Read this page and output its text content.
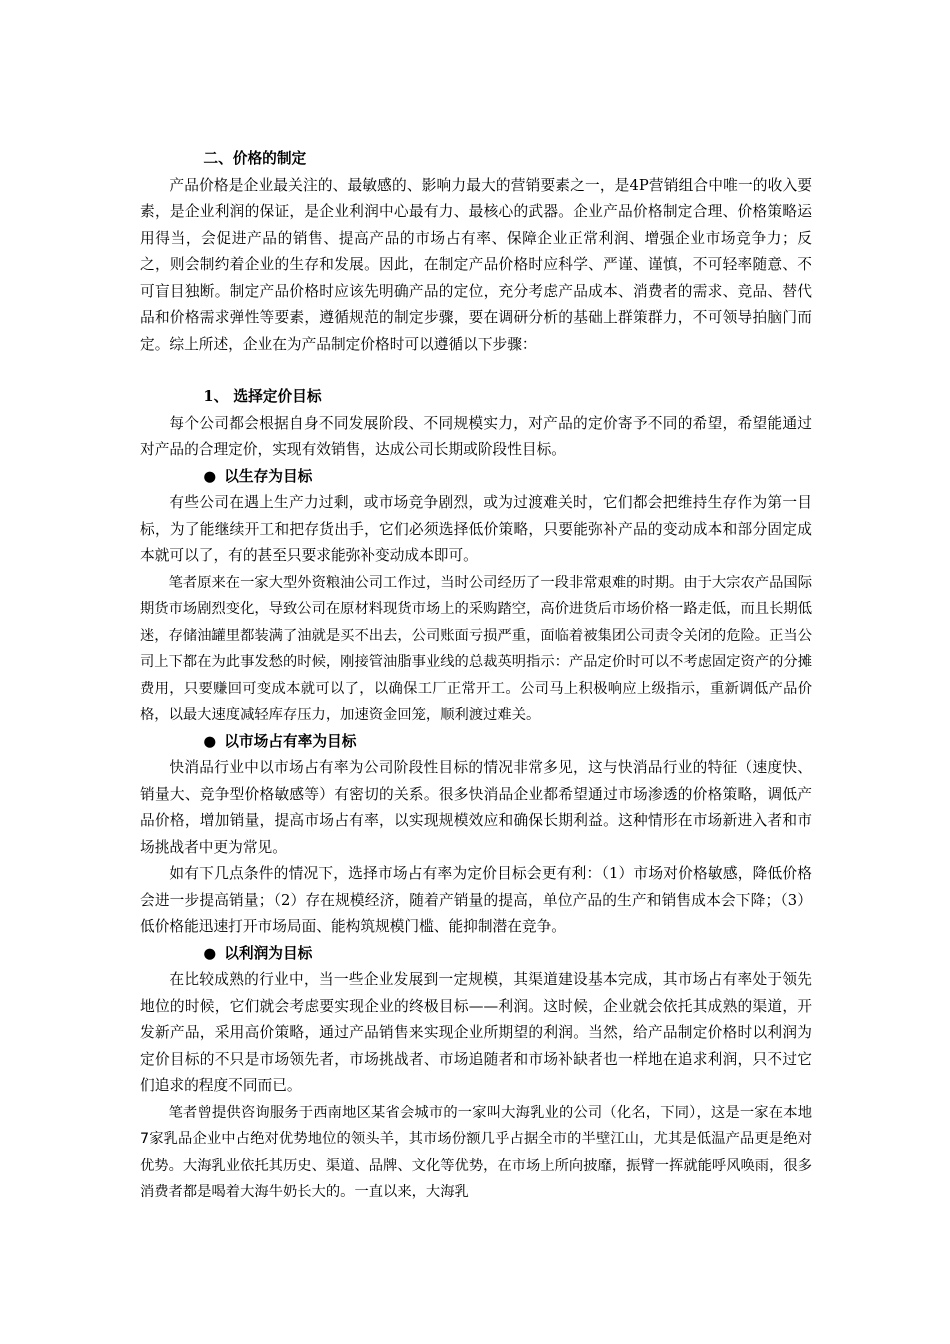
二、价格的制定

产品价格是企业最关注的、最敏感的、影响力最大的营销要素之一，是4P营销组合中唯一的收入要素，是企业利润的保证，是企业利润中心最有力、最核心的武器。企业产品价格制定合理、价格策略运用得当，会促进产品的销售、提高产品的市场占有率、保障企业正常利润、增强企业市场竞争力；反之，则会制约着企业的生存和发展。因此，在制定产品价格时应科学、严谨、谨慎，不可轻率随意、不可盲目独断。制定产品价格时应该先明确产品的定位，充分考虑产品成本、消费者的需求、竞品、替代品和价格需求弹性等要素，遵循规范的制定步骤，要在调研分析的基础上群策群力，不可领导拍脑门而定。综上所述，企业在为产品制定价格时可以遵循以下步骤：

1、 选择定价目标

每个公司都会根据自身不同发展阶段、不同规模实力，对产品的定价寄予不同的希望，希望能通过对产品的合理定价，实现有效销售，达成公司长期或阶段性目标。

● 以生存为目标

有些公司在遇上生产力过剩，或市场竞争剧烈，或为过渡难关时，它们都会把维持生存作为第一目标，为了能继续开工和把存货出手，它们必须选择低价策略，只要能弥补产品的变动成本和部分固定成本就可以了，有的甚至只要求能弥补变动成本即可。

笔者原来在一家大型外资粮油公司工作过，当时公司经历了一段非常艰难的时期。由于大宗农产品国际期货市场剧烈变化，导致公司在原材料现货市场上的采购踏空，高价进货后市场价格一路走低，而且长期低迷，存储油罐里都装满了油就是买不出去，公司账面亏损严重，面临着被集团公司责令关闭的危险。正当公司上下都在为此事发愁的时候，刚接管油脂事业线的总裁英明指示：产品定价时可以不考虑固定资产的分摊费用，只要赚回可变成本就可以了，以确保工厂正常开工。公司马上积极响应上级指示，重新调低产品价格，以最大速度减轻库存压力，加速资金回笼，顺利渡过难关。

● 以市场占有率为目标

快消品行业中以市场占有率为公司阶段性目标的情况非常多见，这与快消品行业的特征（速度快、销量大、竞争型价格敏感等）有密切的关系。很多快消品企业都希望通过市场渗透的价格策略，调低产品价格，增加销量，提高市场占有率，以实现规模效应和确保长期利益。这种情形在市场新进入者和市场挑战者中更为常见。

如有下几点条件的情况下，选择市场占有率为定价目标会更有利：（1）市场对价格敏感，降低价格会进一步提高销量；（2）存在规模经济，随着产销量的提高，单位产品的生产和销售成本会下降；（3）低价格能迅速打开市场局面、能构筑规模门槛、能抑制潜在竞争。

● 以利润为目标

在比较成熟的行业中，当一些企业发展到一定规模，其渠道建设基本完成，其市场占有率处于领先地位的时候，它们就会考虑要实现企业的终极目标——利润。这时候，企业就会依托其成熟的渠道，开发新产品，采用高价策略，通过产品销售来实现企业所期望的利润。当然，给产品制定价格时以利润为定价目标的不只是市场领先者，市场挑战者、市场追随者和市场补缺者也一样地在追求利润，只不过它们追求的程度不同而已。

笔者曾提供咨询服务于西南地区某省会城市的一家叫大海乳业的公司（化名，下同），这是一家在本地7家乳品企业中占绝对优势地位的领头羊，其市场份额几乎占据全市的半壁江山，尤其是低温产品更是绝对优势。大海乳业依托其历史、渠道、品牌、文化等优势，在市场上所向披靡，振臂一挥就能呼风唤雨，很多消费者都是喝着大海牛奶长大的。一直以来，大海乳
